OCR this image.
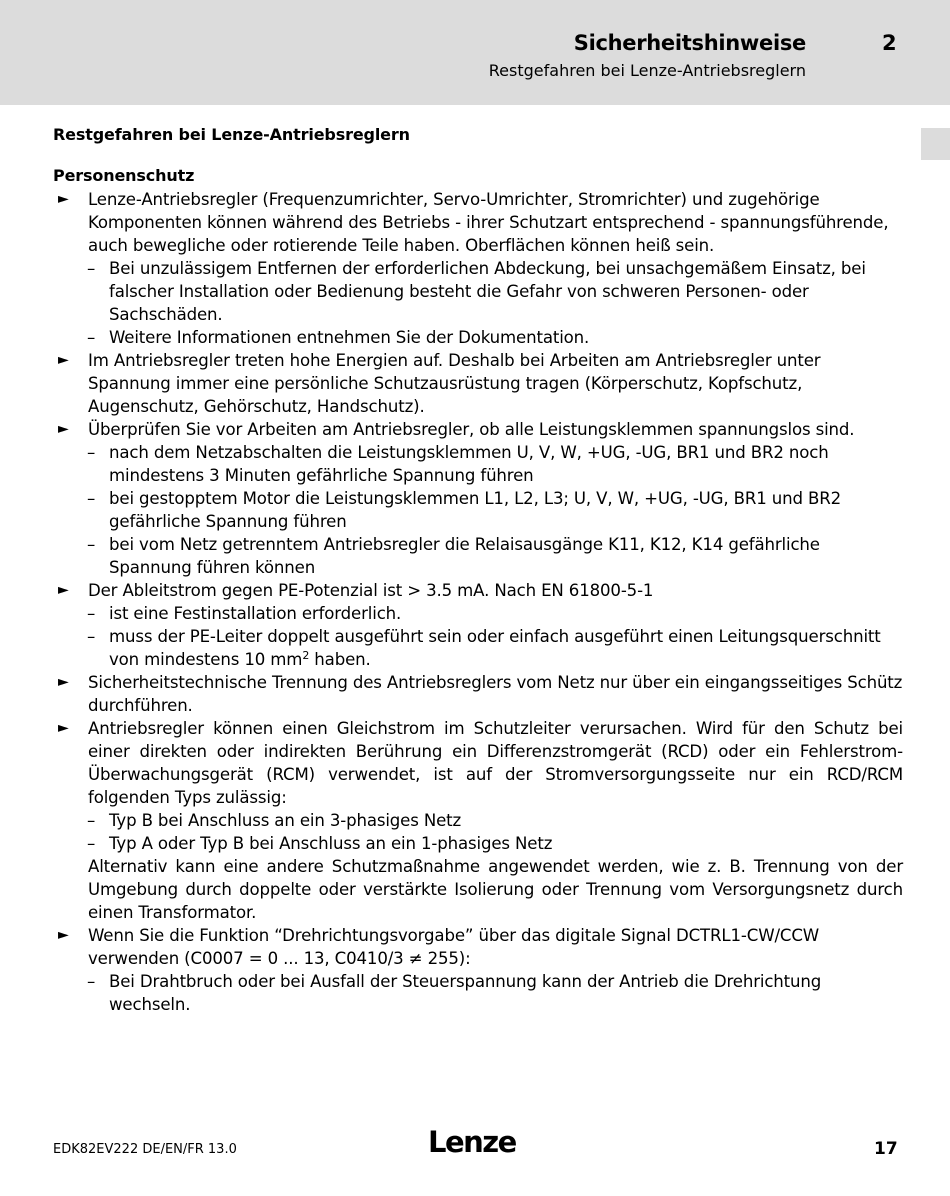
Sicherheitshinweise
Restgefahren bei Lenze-Antriebsreglern
2
Restgefahren bei Lenze-Antriebsreglern
Personenschutz
► Lenze-Antriebsregler (Frequenzumrichter, Servo-Umrichter, Stromrichter) und zugehörige Komponenten können während des Betriebs - ihrer Schutzart entsprechend - spannungsführende, auch bewegliche oder rotierende Teile haben. Oberflächen können heiß sein.
– Bei unzulässigem Entfernen der erforderlichen Abdeckung, bei unsachgemäßem Einsatz, bei falscher Installation oder Bedienung besteht die Gefahr von schweren Personen- oder Sachschäden.
– Weitere Informationen entnehmen Sie der Dokumentation.
► Im Antriebsregler treten hohe Energien auf. Deshalb bei Arbeiten am Antriebsregler unter Spannung immer eine persönliche Schutzausrüstung tragen (Körperschutz, Kopfschutz, Augenschutz, Gehörschutz, Handschutz).
► Überprüfen Sie vor Arbeiten am Antriebsregler, ob alle Leistungsklemmen spannungslos sind.
– nach dem Netzabschalten die Leistungsklemmen U, V, W, +UG, -UG, BR1 und BR2 noch mindestens 3 Minuten gefährliche Spannung führen
– bei gestopptem Motor die Leistungsklemmen L1, L2, L3; U, V, W, +UG, -UG, BR1 und BR2 gefährliche Spannung führen
– bei vom Netz getrenntem Antriebsregler die Relaisausgänge K11, K12, K14 gefährliche Spannung führen können
► Der Ableitstrom gegen PE-Potenzial ist > 3.5 mA. Nach EN 61800-5-1
– ist eine Festinstallation erforderlich.
– muss der PE-Leiter doppelt ausgeführt sein oder einfach ausgeführt einen Leitungsquerschnitt von mindestens 10 $mm^2$ haben.
► Sicherheitstechnische Trennung des Antriebsreglers vom Netz nur über ein eingangsseitiges Schütz durchführen.
► Antriebsregler können einen Gleichstrom im Schutzleiter verursachen. Wird für den Schutz bei einer direkten oder indirekten Berührung ein Differenzstromgerät (RCD) oder ein Fehlerstrom-Überwachungsgerät (RCM) verwendet, ist auf der Stromversorgungsseite nur ein RCD/RCM folgenden Typs zulässig:
– Typ B bei Anschluss an ein 3-phasiges Netz
– Typ A oder Typ B bei Anschluss an ein 1-phasiges Netz
Alternativ kann eine andere Schutzmaßnahme angewendet werden, wie z. B. Trennung von der Umgebung durch doppelte oder verstärkte Isolierung oder Trennung vom Versorgungsnetz durch einen Transformator.
► Wenn Sie die Funktion “Drehrichtungsvorgabe” über das digitale Signal DCTRL1-CW/CCW verwenden (C0007 = 0 ... 13, C0410/3 ≠ 255):
– Bei Drahtbruch oder bei Ausfall der Steuerspannung kann der Antrieb die Drehrichtung wechseln.
EDK82EV222 DE/EN/FR 13.0	Lenze	17
